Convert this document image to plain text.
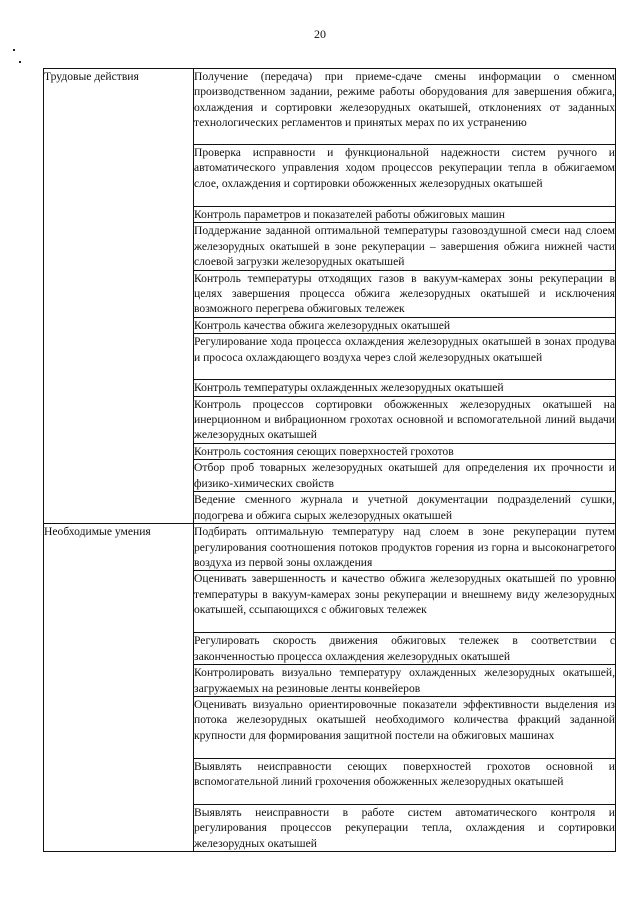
20
Трудовые действия	Получение (передача) при приеме-сдаче смены информации о сменном производственном задании, режиме работы оборудования для завершения обжига, охлаждения и сортировки железорудных окатышей, отклонениях от заданных технологических регламентов и принятых мерах по их устранению
	Проверка исправности и функциональной надежности систем ручного и автоматического управления ходом процессов рекуперации тепла в обжигаемом слое, охлаждения и сортировки обожженных железорудных окатышей
	Контроль параметров и показателей работы обжиговых машин
	Поддержание заданной оптимальной температуры газовоздушной смеси над слоем железорудных окатышей в зоне рекуперации – завершения обжига нижней части слоевой загрузки железорудных окатышей
	Контроль температуры отходящих газов в вакуум-камерах зоны рекуперации в целях завершения процесса обжига железорудных окатышей и исключения возможного перегрева обжиговых тележек
	Контроль качества обжига железорудных окатышей
	Регулирование хода процесса охлаждения железорудных окатышей в зонах продува и прососа охлаждающего воздуха через слой железорудных окатышей
	Контроль температуры охлажденных железорудных окатышей
	Контроль процессов сортировки обожженных железорудных окатышей на инерционном и вибрационном грохотах основной и вспомогательной линий выдачи железорудных окатышей
	Контроль состояния сеющих поверхностей грохотов
	Отбор проб товарных железорудных окатышей для определения их прочности и физико-химических свойств
	Ведение сменного журнала и учетной документации подразделений сушки, подогрева и обжига сырых железорудных окатышей
Необходимые умения	Подбирать оптимальную температуру над слоем в зоне рекуперации путем регулирования соотношения потоков продуктов горения из горна и высоконагретого воздуха из первой зоны охлаждения
	Оценивать завершенность и качество обжига железорудных окатышей по уровню температуры в вакуум-камерах зоны рекуперации и внешнему виду железорудных окатышей, ссыпающихся с обжиговых тележек
	Регулировать скорость движения обжиговых тележек в соответствии с законченностью процесса охлаждения железорудных окатышей
	Контролировать визуально температуру охлажденных железорудных окатышей, загружаемых на резиновые ленты конвейеров
	Оценивать визуально ориентировочные показатели эффективности выделения из потока железорудных окатышей необходимого количества фракций заданной крупности для формирования защитной постели на обжиговых машинах
	Выявлять неисправности сеющих поверхностей грохотов основной и вспомогательной линий грохочения обожженных железорудных окатышей
	Выявлять неисправности в работе систем автоматического контроля и регулирования процессов рекуперации тепла, охлаждения и сортировки железорудных окатышей
